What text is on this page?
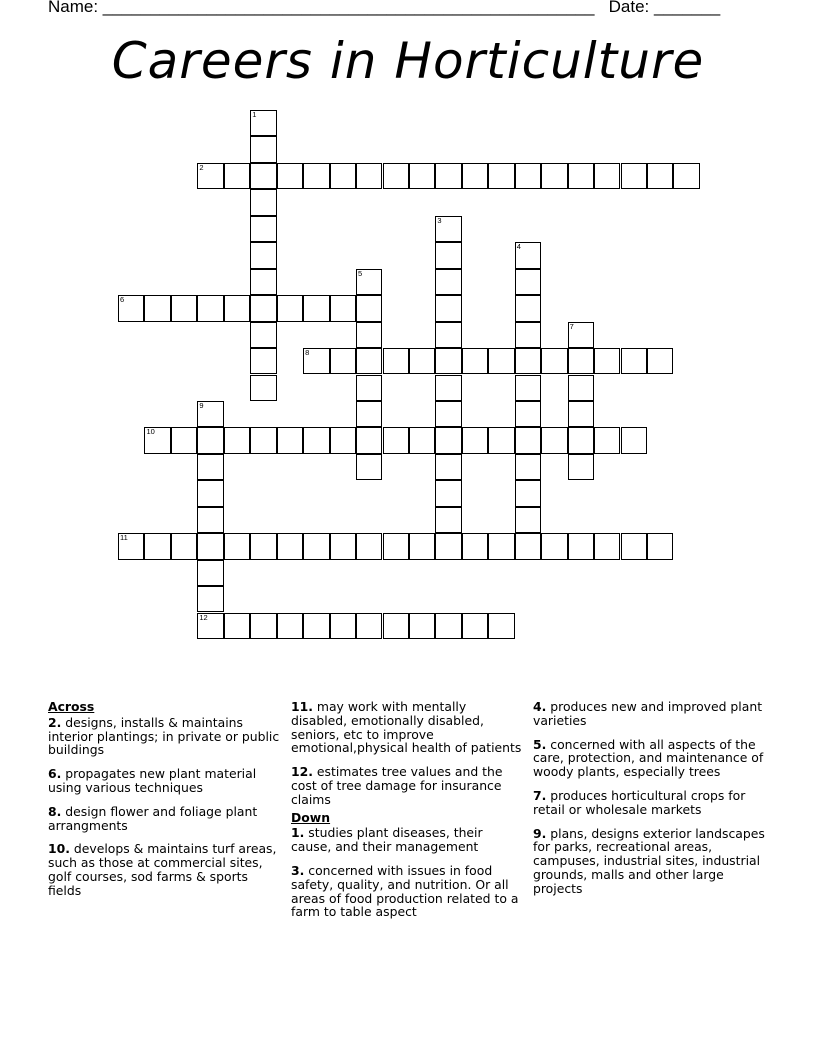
Name: ____________________________________________________ Date: _______
Careers in Horticulture
1
2
3
4
5
6
7
8
9
10
11
12
Across
2. designs, installs & maintains interior plantings; in private or public buildings
6. propagates new plant material using various techniques
8. design flower and foliage plant arrangments
10. develops & maintains turf areas, such as those at commercial sites, golf courses, sod farms & sports fields
11. may work with mentally disabled, emotionally disabled, seniors, etc to improve emotional,physical health of patients
12. estimates tree values and the cost of tree damage for insurance claims
Down
1. studies plant diseases, their cause, and their management
3. concerned with issues in food safety, quality, and nutrition. Or all areas of food production related to a farm to table aspect
4. produces new and improved plant varieties
5. concerned with all aspects of the care, protection, and maintenance of woody plants, especially trees
7. produces horticultural crops for retail or wholesale markets
9. plans, designs exterior landscapes for parks, recreational areas, campuses, industrial sites, industrial grounds, malls and other large projects
